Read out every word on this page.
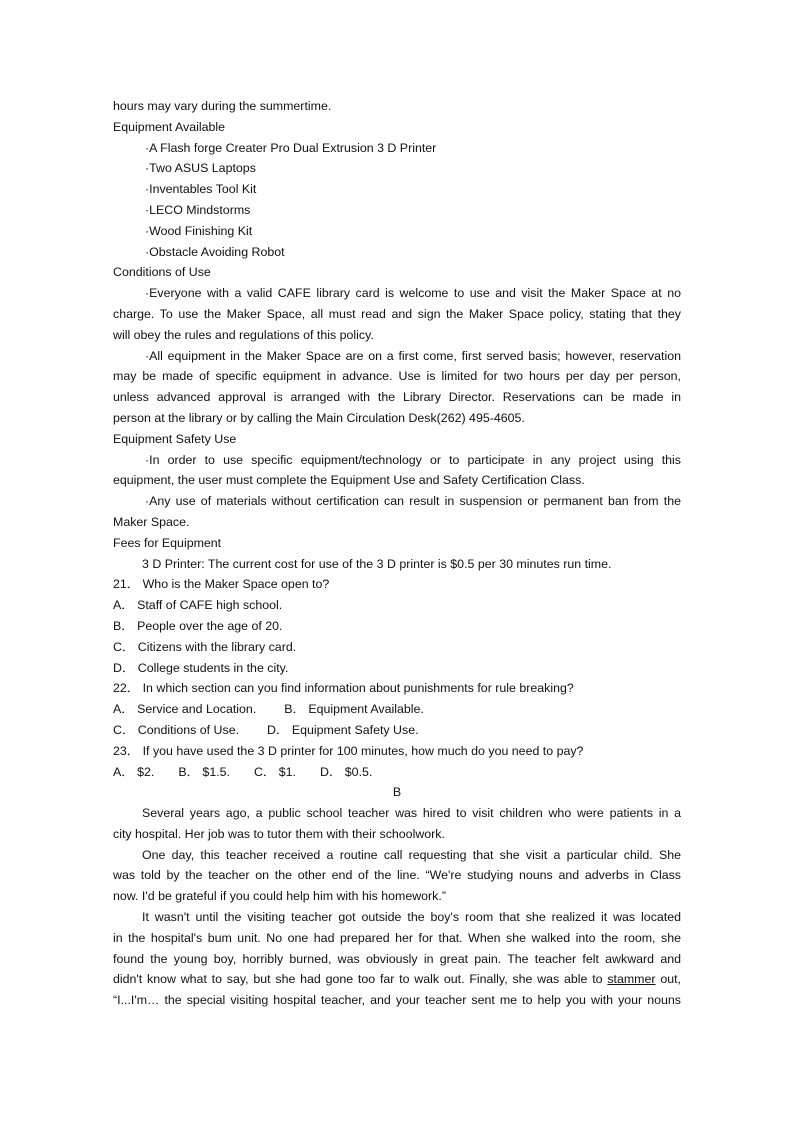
hours may vary during the summertime.
Equipment Available
·A Flash forge Creater Pro Dual Extrusion 3 D Printer
·Two ASUS Laptops
·Inventables Tool Kit
·LECO Mindstorms
·Wood Finishing Kit
·Obstacle Avoiding Robot
Conditions of Use
·Everyone with a valid CAFE library card is welcome to use and visit the Maker Space at no
charge. To use the Maker Space, all must read and sign the Maker Space policy, stating that they
will obey the rules and regulations of this policy.
·All equipment in the Maker Space are on a first come, first served basis; however, reservation
may be made of specific equipment in advance. Use is limited for two hours per day per person,
unless advanced approval is arranged with the Library Director. Reservations can be made in
person at the library or by calling the Main Circulation Desk(262) 495-4605.
Equipment Safety Use
·In order to use specific equipment/technology or to participate in any project using this
equipment, the user must complete the Equipment Use and Safety Certification Class.
·Any use of materials without certification can result in suspension or permanent ban from the
Maker Space.
Fees for Equipment
3 D Printer: The current cost for use of the 3 D printer is $0.5 per 30 minutes run time.
21． Who is the Maker Space open to?
A． Staff of CAFE high school.
B． People over the age of 20.
C． Citizens with the library card.
D． College students in the city.
22． In which section can you find information about punishments for rule breaking?
A． Service and Location. B． Equipment Available.
C． Conditions of Use. D． Equipment Safety Use.
23． If you have used the 3 D printer for 100 minutes, how much do you need to pay?
A． $2. B． $1.5. C． $1. D． $0.5.
B
Several years ago, a public school teacher was hired to visit children who were patients in a
city hospital. Her job was to tutor them with their schoolwork.
One day, this teacher received a routine call requesting that she visit a particular child. She
was told by the teacher on the other end of the line. “We're studying nouns and adverbs in Class
now. I'd be grateful if you could help him with his homework.”
It wasn't until the visiting teacher got outside the boy's room that she realized it was located
in the hospital's bum unit. No one had prepared her for that. When she walked into the room, she
found the young boy, horribly burned, was obviously in great pain. The teacher felt awkward and
didn't know what to say, but she had gone too far to walk out. Finally, she was able to stammer out,
“I...I'm… the special visiting hospital teacher, and your teacher sent me to help you with your nouns
